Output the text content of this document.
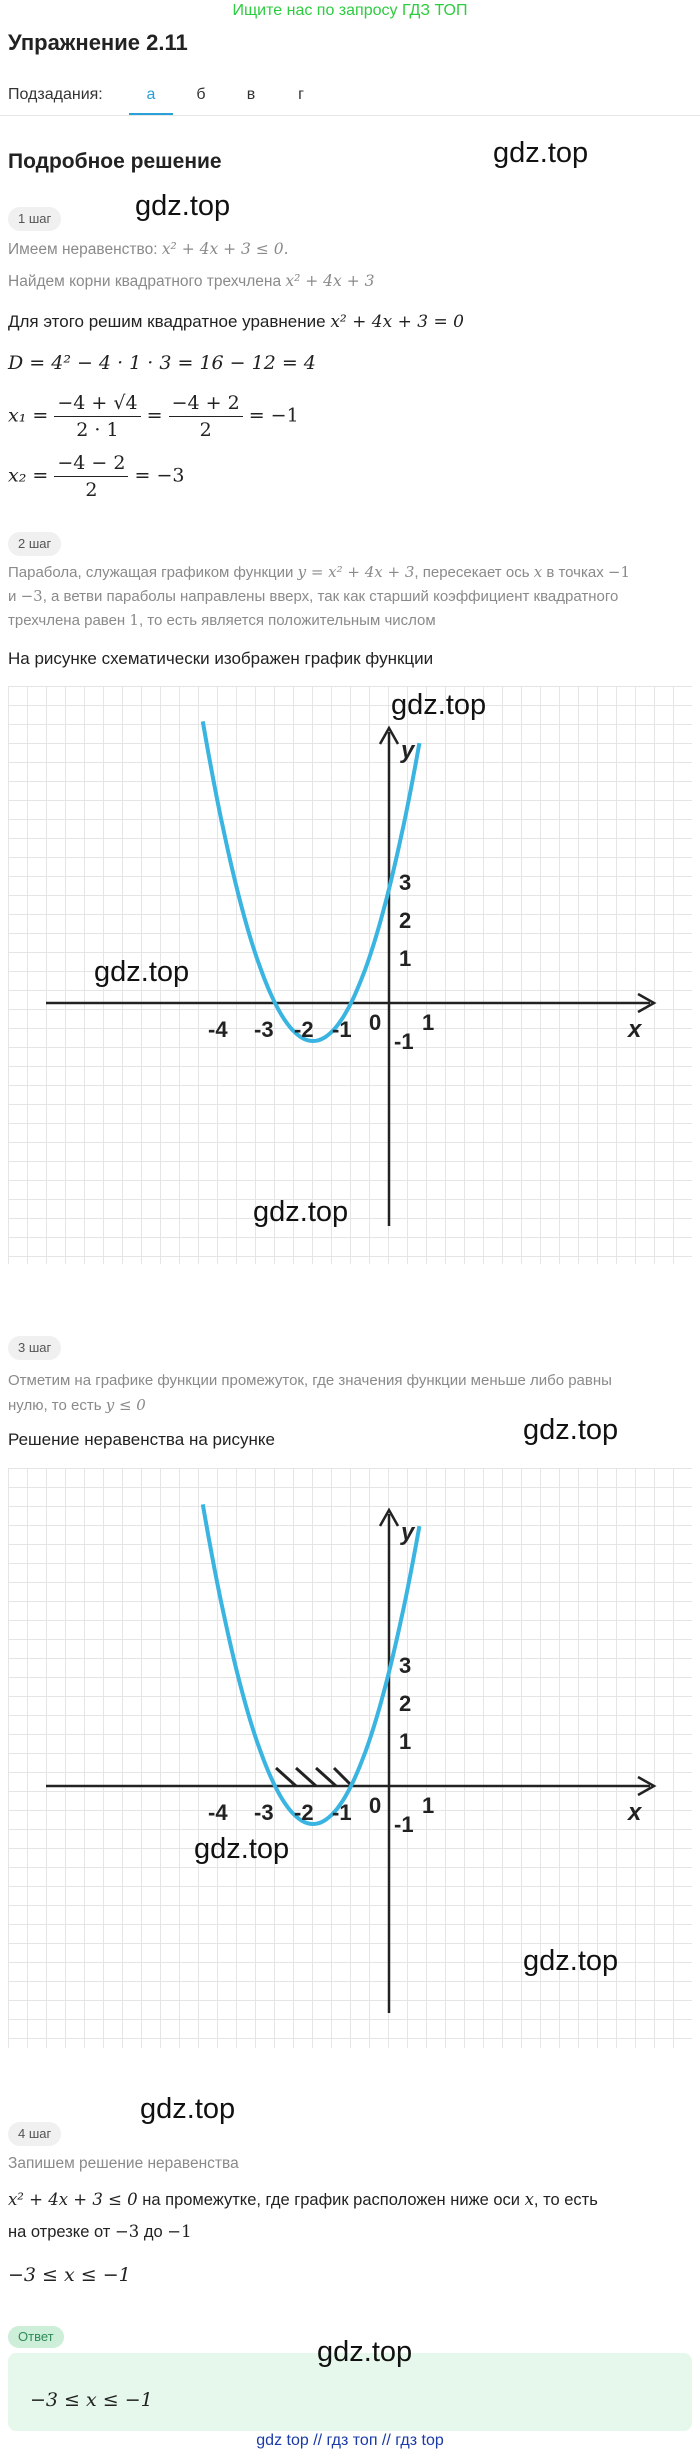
Ищите нас по запросу ГДЗ ТОП
Упражнение 2.11
Подзадания:	а	б	в	г
Подробное решение	gdz.top
gdz.top
1 шаг
Имеем неравенство: x² + 4x + 3 ≤ 0.
Найдем корни квадратного трехчлена x² + 4x + 3
Для этого решим квадратное уравнение x² + 4x + 3 = 0
D = 4² − 4 · 1 · 3 = 16 − 12 = 4
$x_1 = \frac{-4 + √4}{2 \cdot 1} = \frac{-4 + 2}{2} = -1$
$x_2 = \frac{-4 - 2}{2} = -3$
2 шаг
Парабола, служащая графиком функции y = x² + 4x + 3, пересекает ось x в точках −1
и −3, а ветви параболы направлены вверх, так как старший коэффициент квадратного
трехчлена равен 1, то есть является положительным числом
На рисунке схематически изображен график функции
x
y
-4 -3 -2 -1 0 1
3
2
1
-1
gdz.top
gdz.top
gdz.top
3 шаг
Отметим на графике функции промежуток, где значения функции меньше либо равны
нулю, то есть y ≤ 0
Решение неравенства на рисунке	gdz.top
x
y
-4 -3 -2 -1 0 1
3
2
1
-1
gdz.top
gdz.top
gdz.top
4 шаг
Запишем решение неравенства
x² + 4x + 3 ≤ 0 на промежутке, где график расположен ниже оси x, то есть
на отрезке от −3 до −1
−3 ≤ x ≤ −1
Ответ	gdz.top
−3 ≤ x ≤ −1
gdz top // гдз топ // гдз top
